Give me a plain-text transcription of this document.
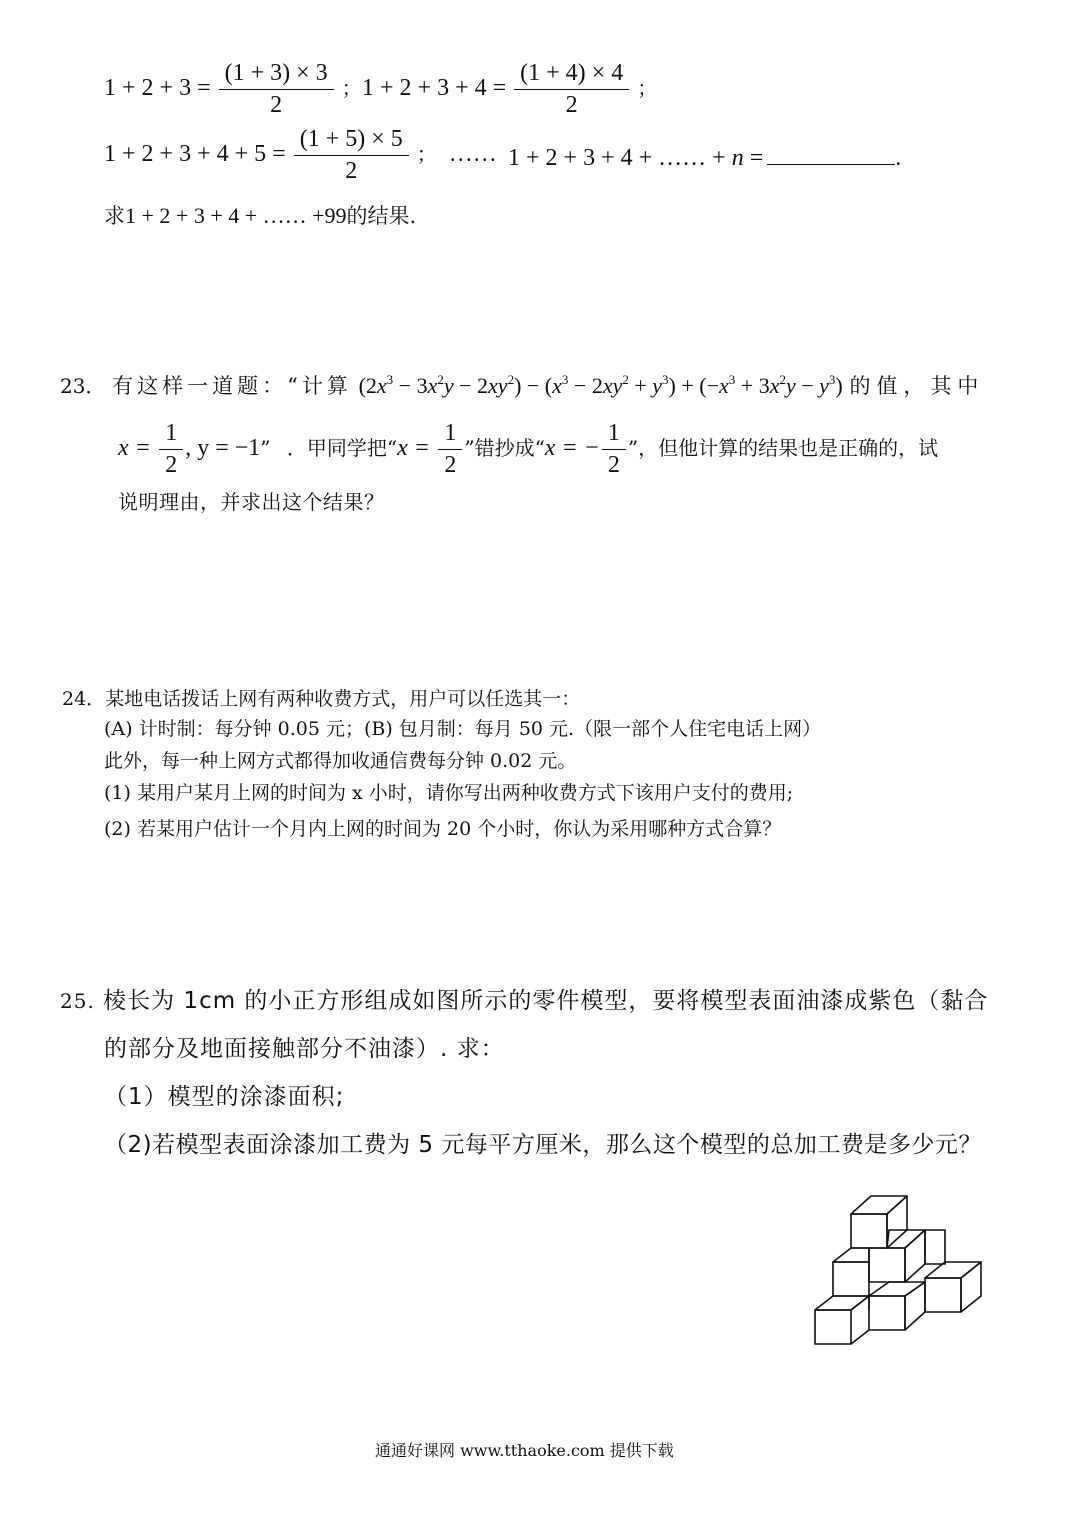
$1 + 2 + 3 = \frac{(1 + 3) \times 3}{2}$ ； $1 + 2 + 3 + 4 = \frac{(1 + 4) \times 4}{2}$ ；
$1 + 2 + 3 + 4 + 5 = \frac{(1 + 5) \times 5}{2}$ ； …… 1 + 2 + 3 + 4 + …… + n =	.
求1 + 2 + 3 + 4 + …… +99的结果.
23． 有这样一道题：“计算 $(2x^3 - 3x^2y - 2xy^2) - (x^3 - 2xy^2 + y^3) + (-x^3 + 3x^2y - y^3)$ 的值，其中
$x = \frac{1}{2}$ , y = −1” ．甲同学把“$x = \frac{1}{2}$ ”错抄成“x = − $\frac{1}{2}$ ”，但他计算的结果也是正确的，试
说明理由，并求出这个结果？
24．某地电话拨话上网有两种收费方式，用户可以任选其一：
(A) 计时制：每分钟 0.05 元；(B) 包月制：每月 50 元.（限一部个人住宅电话上网）
此外，每一种上网方式都得加收通信费每分钟 0.02 元。
(1) 某用户某月上网的时间为 x 小时，请你写出两种收费方式下该用户支付的费用;
(2) 若某用户估计一个月内上网的时间为 20 个小时，你认为采用哪种方式合算？
25. 棱长为 1cm 的小正方形组成如图所示的零件模型，要将模型表面油漆成紫色（黏合
的部分及地面接触部分不油漆）. 求：
（1）模型的涂漆面积;
（2)若模型表面涂漆加工费为 5 元每平方厘米，那么这个模型的总加工费是多少元？
通通好课网 www.tthaoke.com 提供下载
